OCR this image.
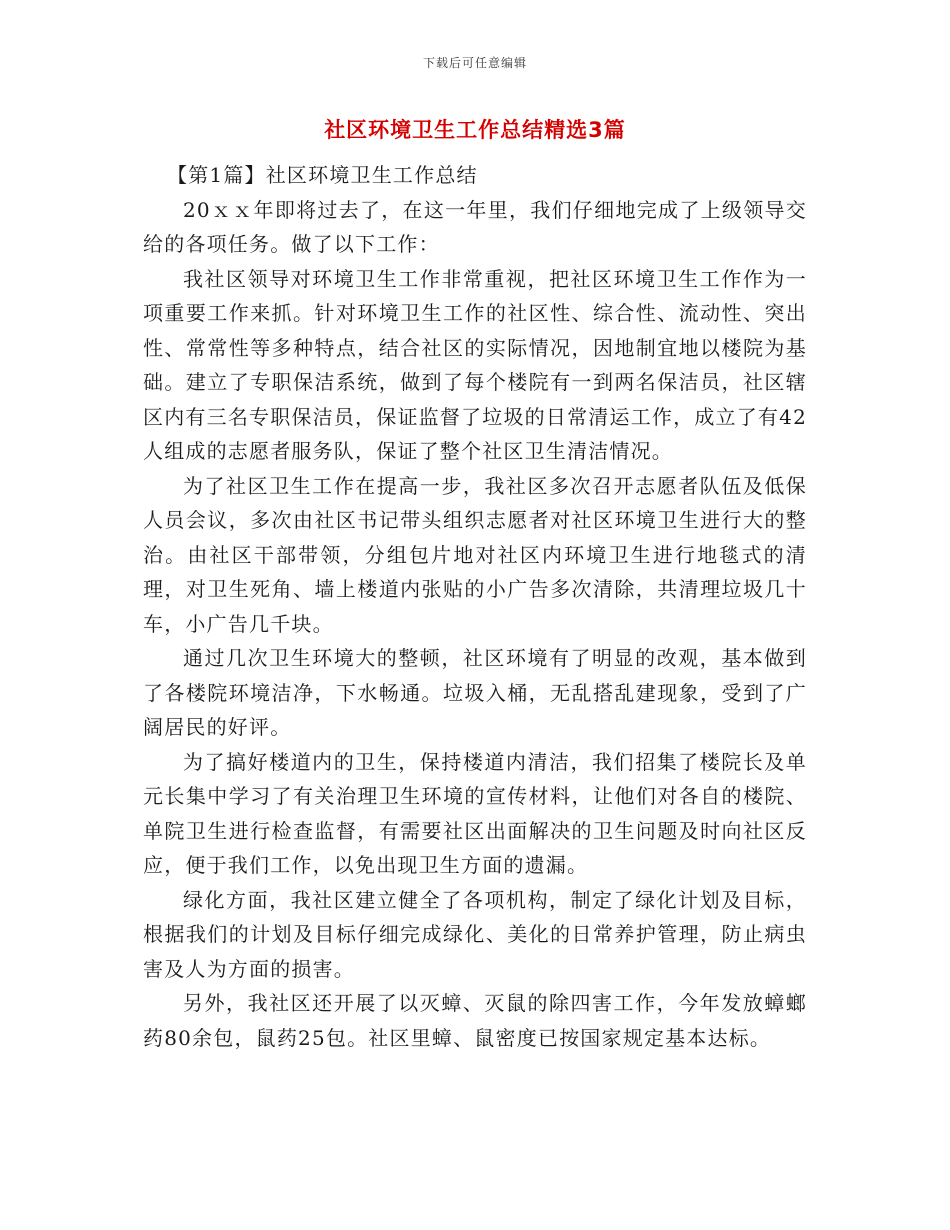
下载后可任意编辑
社区环境卫生工作总结精选3篇

【第1篇】社区环境卫生工作总结

20ｘｘ年即将过去了，在这一年里，我们仔细地完成了上级领导交给的各项任务。做了以下工作：

我社区领导对环境卫生工作非常重视，把社区环境卫生工作作为一项重要工作来抓。针对环境卫生工作的社区性、综合性、流动性、突出性、常常性等多种特点，结合社区的实际情况，因地制宜地以楼院为基础。建立了专职保洁系统，做到了每个楼院有一到两名保洁员，社区辖区内有三名专职保洁员，保证监督了垃圾的日常清运工作，成立了有42人组成的志愿者服务队，保证了整个社区卫生清洁情况。

为了社区卫生工作在提高一步，我社区多次召开志愿者队伍及低保人员会议，多次由社区书记带头组织志愿者对社区环境卫生进行大的整治。由社区干部带领，分组包片地对社区内环境卫生进行地毯式的清理，对卫生死角、墙上楼道内张贴的小广告多次清除，共清理垃圾几十车，小广告几千块。

通过几次卫生环境大的整顿，社区环境有了明显的改观，基本做到了各楼院环境洁净，下水畅通。垃圾入桶，无乱搭乱建现象，受到了广阔居民的好评。

为了搞好楼道内的卫生，保持楼道内清洁，我们招集了楼院长及单元长集中学习了有关治理卫生环境的宣传材料，让他们对各自的楼院、单院卫生进行检查监督，有需要社区出面解决的卫生问题及时向社区反应，便于我们工作，以免出现卫生方面的遗漏。

绿化方面，我社区建立健全了各项机构，制定了绿化计划及目标，根据我们的计划及目标仔细完成绿化、美化的日常养护管理，防止病虫害及人为方面的损害。

另外，我社区还开展了以灭蟑、灭鼠的除四害工作，今年发放蟑螂药80余包，鼠药25包。社区里蟑、鼠密度已按国家规定基本达标。
